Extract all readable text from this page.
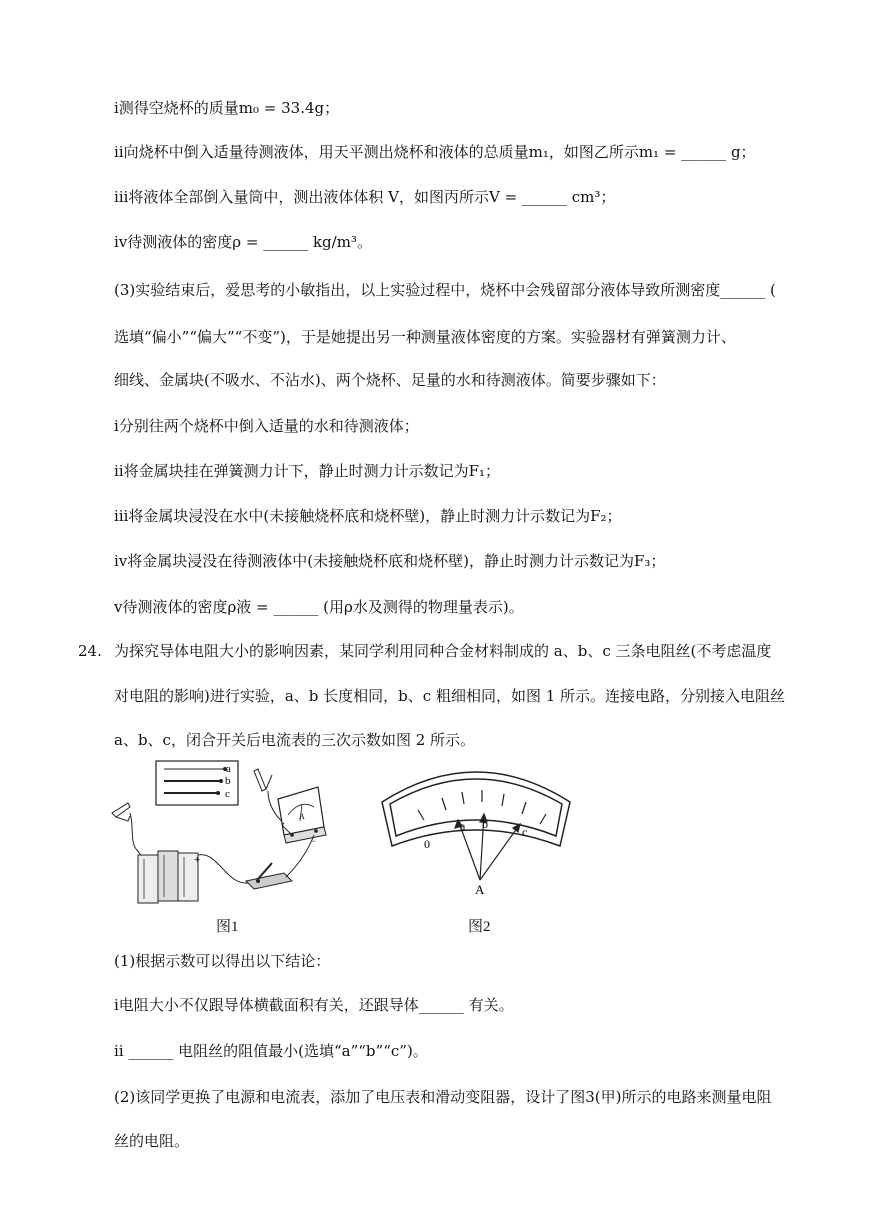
ⅰ测得空烧杯的质量m₀ = 33.4g；
ⅱ向烧杯中倒入适量待测液体，用天平测出烧杯和液体的总质量m₁，如图乙所示m₁ = ______ g；
ⅲ将液体全部倒入量筒中，测出液体体积 V，如图丙所示V = ______ cm³；
ⅳ待测液体的密度ρ = ______ kg/m³。
(3)实验结束后，爱思考的小敏指出，以上实验过程中，烧杯中会残留部分液体导致所测密度______ (
选填“偏小”“偏大”“不变”)，于是她提出另一种测量液体密度的方案。实验器材有弹簧测力计、
细线、金属块(不吸水、不沾水)、两个烧杯、足量的水和待测液体。简要步骤如下：
ⅰ分别往两个烧杯中倒入适量的水和待测液体；
ⅱ将金属块挂在弹簧测力计下，静止时测力计示数记为F₁；
ⅲ将金属块浸没在水中(未接触烧杯底和烧杯壁)，静止时测力计示数记为F₂；
ⅳ将金属块浸没在待测液体中(未接触烧杯底和烧杯壁)，静止时测力计示数记为F₃；
ⅴ待测液体的密度ρ液 = ______ (用ρ水及测得的物理量表示)。
24. 为探究导体电阻大小的影响因素，某同学利用同种合金材料制成的 a、b、c 三条电阻丝(不考虑温度
对电阻的影响)进行实验，a、b 长度相同，b、c 粗细相同，如图 1 所示。连接电路，分别接入电阻丝
a、b、c，闭合开关后电流表的三次示数如图 2 所示。
a
b
c
A
−
+
图1
0
a b
c
A
图2
(1)根据示数可以得出以下结论：
ⅰ电阻大小不仅跟导体横截面积有关，还跟导体______ 有关。
ⅱ ______ 电阻丝的阻值最小(选填“a”“b”“c”)。
(2)该同学更换了电源和电流表，添加了电压表和滑动变阻器，设计了图3(甲)所示的电路来测量电阻
丝的电阻。
